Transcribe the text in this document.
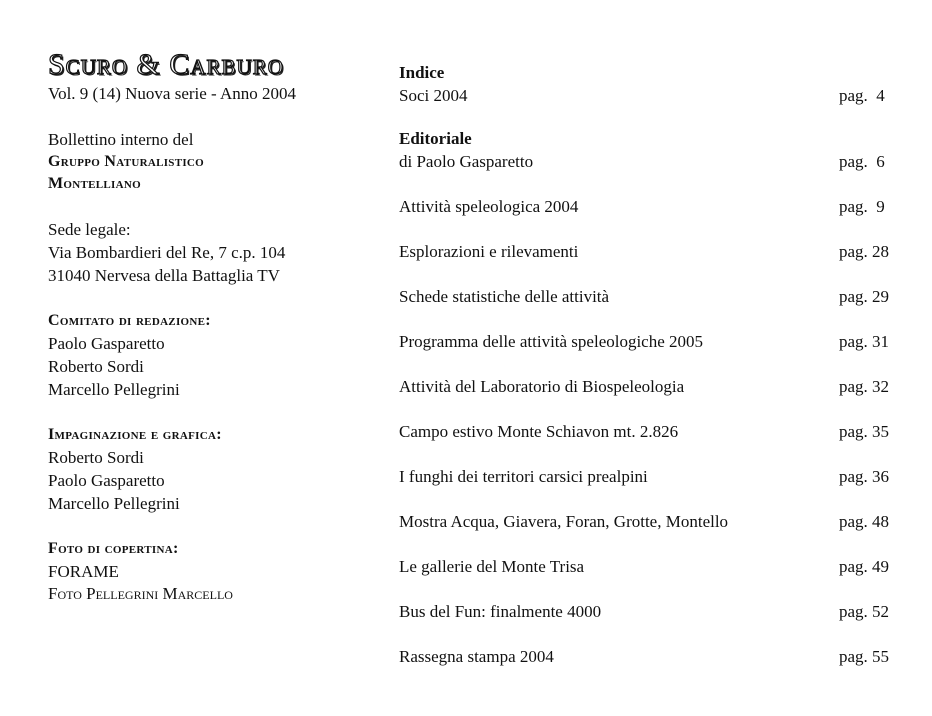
Scuro & Carburo

Vol. 9 (14) Nuova serie - Anno 2004

Bollettino interno del

Gruppo Naturalistico

Montelliano

Sede legale:

Via Bombardieri del Re, 7 c.p. 104

31040 Nervesa della Battaglia TV

Comitato di redazione:

Paolo Gasparetto

Roberto Sordi

Marcello Pellegrini

Impaginazione e grafica:

Roberto Sordi

Paolo Gasparetto

Marcello Pellegrini

Foto di copertina:

FORAME

Foto Pellegrini Marcello

Indice

Soci 2004	pag.  4

Editoriale

di Paolo Gasparetto	pag.  6
Attività speleologica 2004	pag.  9
Esplorazioni e rilevamenti	pag. 28
Schede statistiche delle attività	pag. 29
Programma delle attività speleologiche 2005	pag. 31
Attività del Laboratorio di Biospeleologia	pag. 32
Campo estivo Monte Schiavon mt. 2.826	pag. 35
I funghi dei territori carsici prealpini	pag. 36
Mostra Acqua, Giavera, Foran, Grotte, Montello	pag. 48
Le gallerie del Monte Trisa	pag. 49
Bus del Fun: finalmente 4000	pag. 52
Rassegna stampa 2004	pag. 55
